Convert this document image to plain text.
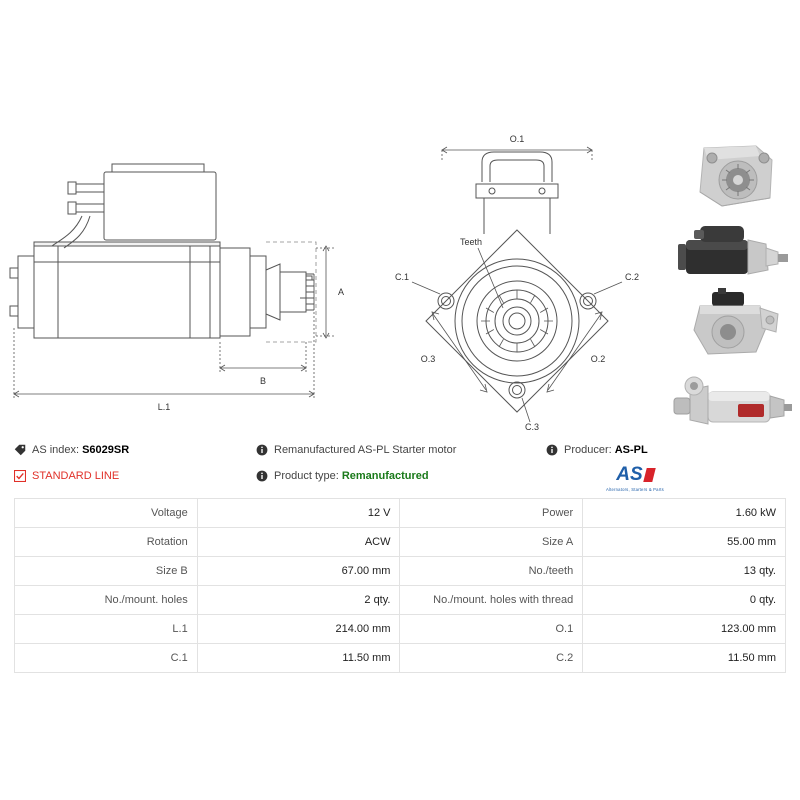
A
B
L.1
C.1	C.2
C.3
Teeth
O.1
O.2
O.3
AS index: S6029SR	Remanufactured AS-PL Starter motor	Producer: AS-PL
STANDARD LINE	Product type: Remanufactured	AS
Alternators, Starters & Parts
Voltage	12 V	Power	1.60 kW
Rotation	ACW	Size A	55.00 mm
Size B	67.00 mm	No./teeth	13 qty.
No./mount. holes	2 qty.	No./mount. holes with thread	0 qty.
L.1	214.00 mm	O.1	123.00 mm
C.1	11.50 mm	C.2	11.50 mm
